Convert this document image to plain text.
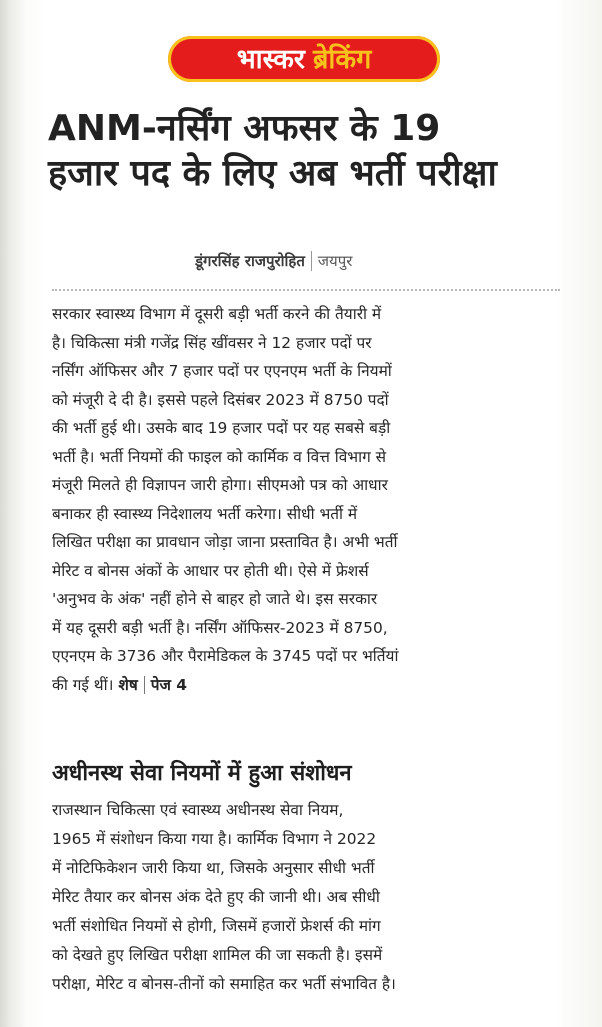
भास्कर ब्रेकिंग
ANM-नर्सिंग अफसर के 19
हजार पद के लिए अब भर्ती परीक्षा
डूंगरसिंह राजपुरोहित जयपुर
सरकार स्वास्थ्य विभाग में दूसरी बड़ी भर्ती करने की तैयारी में
है। चिकित्सा मंत्री गजेंद्र सिंह खींवसर ने 12 हजार पदों पर
नर्सिंग ऑफिसर और 7 हजार पदों पर एएनएम भर्ती के नियमों
को मंजूरी दे दी है। इससे पहले दिसंबर 2023 में 8750 पदों
की भर्ती हुई थी। उसके बाद 19 हजार पदों पर यह सबसे बड़ी
भर्ती है। भर्ती नियमों की फाइल को कार्मिक व वित्त विभाग से
मंजूरी मिलते ही विज्ञापन जारी होगा। सीएमओ पत्र को आधार
बनाकर ही स्वास्थ्य निदेशालय भर्ती करेगा। सीधी भर्ती में
लिखित परीक्षा का प्रावधान जोड़ा जाना प्रस्तावित है। अभी भर्ती
मेरिट व बोनस अंकों के आधार पर होती थी। ऐसे में फ्रेशर्स
'अनुभव के अंक' नहीं होने से बाहर हो जाते थे। इस सरकार
में यह दूसरी बड़ी भर्ती है। नर्सिंग ऑफिसर-2023 में 8750,
एएनएम के 3736 और पैरामेडिकल के 3745 पदों पर भर्तियां
की गई थीं। शेष पेज 4
अधीनस्थ सेवा नियमों में हुआ संशोधन
राजस्थान चिकित्सा एवं स्वास्थ्य अधीनस्थ सेवा नियम,
1965 में संशोधन किया गया है। कार्मिक विभाग ने 2022
में नोटिफिकेशन जारी किया था, जिसके अनुसार सीधी भर्ती
मेरिट तैयार कर बोनस अंक देते हुए की जानी थी। अब सीधी
भर्ती संशोधित नियमों से होगी, जिसमें हजारों फ्रेशर्स की मांग
को देखते हुए लिखित परीक्षा शामिल की जा सकती है। इसमें
परीक्षा, मेरिट व बोनस-तीनों को समाहित कर भर्ती संभावित है।
